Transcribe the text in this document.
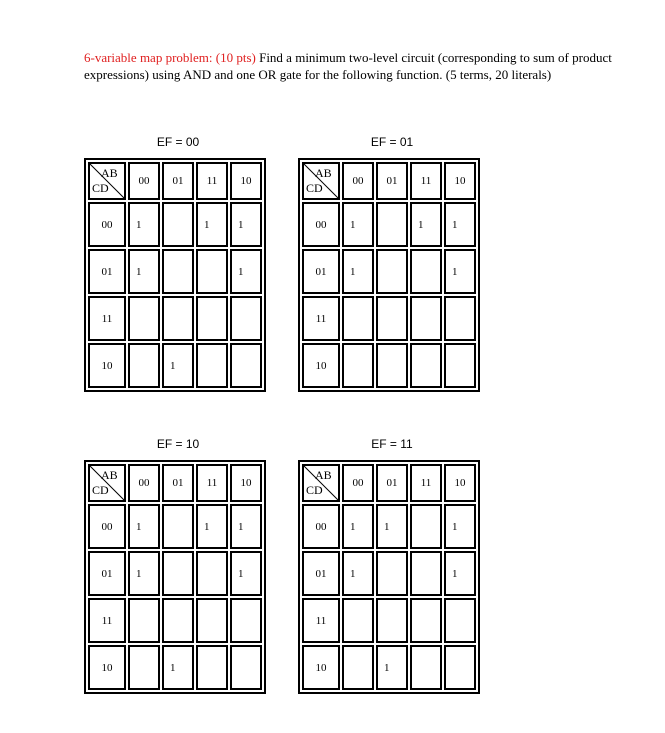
6-variable map problem: (10 pts) Find a minimum two-level circuit (corresponding to sum of product expressions) using AND and one OR gate for the following function. (5 terms, 20 literals)

EF = 00
AB
CD	00	01	11	10
00	1		1	1
01	1			1
11				
10		1		
EF = 01
AB
CD	00	01	11	10
00	1		1	1
01	1			1
11				
10				
EF = 10
AB
CD	00	01	11	10
00	1		1	1
01	1			1
11				
10		1		
EF = 11
AB
CD	00	01	11	10
00	1	1		1
01	1			1
11				
10		1		
